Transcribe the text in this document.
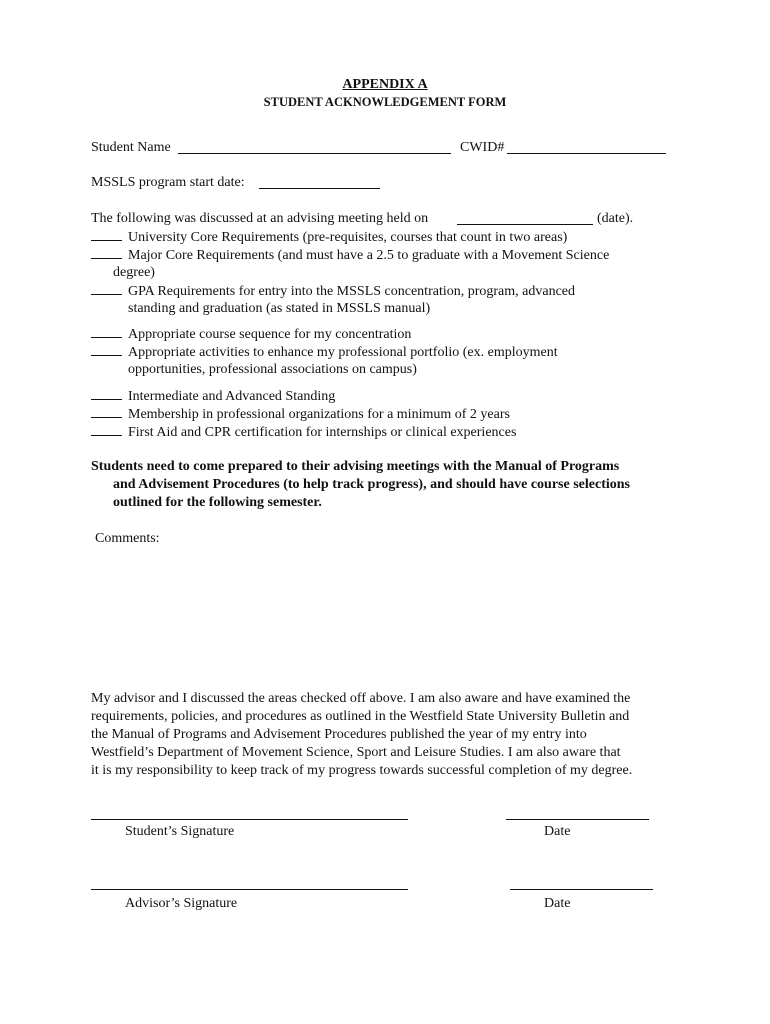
APPENDIX A
STUDENT ACKNOWLEDGEMENT FORM
Student Name	CWID#
MSSLS program start date:
The following was discussed at an advising meeting held on	(date).
University Core Requirements (pre-requisites, courses that count in two areas)
Major Core Requirements (and must have a 2.5 to graduate with a Movement Science
degree)
GPA Requirements for entry into the MSSLS concentration, program, advanced
standing and graduation (as stated in MSSLS manual)
Appropriate course sequence for my concentration
Appropriate activities to enhance my professional portfolio (ex. employment
opportunities, professional associations on campus)
Intermediate and Advanced Standing
Membership in professional organizations for a minimum of 2 years
First Aid and CPR certification for internships or clinical experiences
Students need to come prepared to their advising meetings with the Manual of Programs
and Advisement Procedures (to help track progress), and should have course selections
outlined for the following semester.
Comments:
My advisor and I discussed the areas checked off above. I am also aware and have examined the
requirements, policies, and procedures as outlined in the Westfield State University Bulletin and
the Manual of Programs and Advisement Procedures published the year of my entry into
Westfield’s Department of Movement Science, Sport and Leisure Studies. I am also aware that
it is my responsibility to keep track of my progress towards successful completion of my degree.
Student’s Signature	Date
Advisor’s Signature	Date
